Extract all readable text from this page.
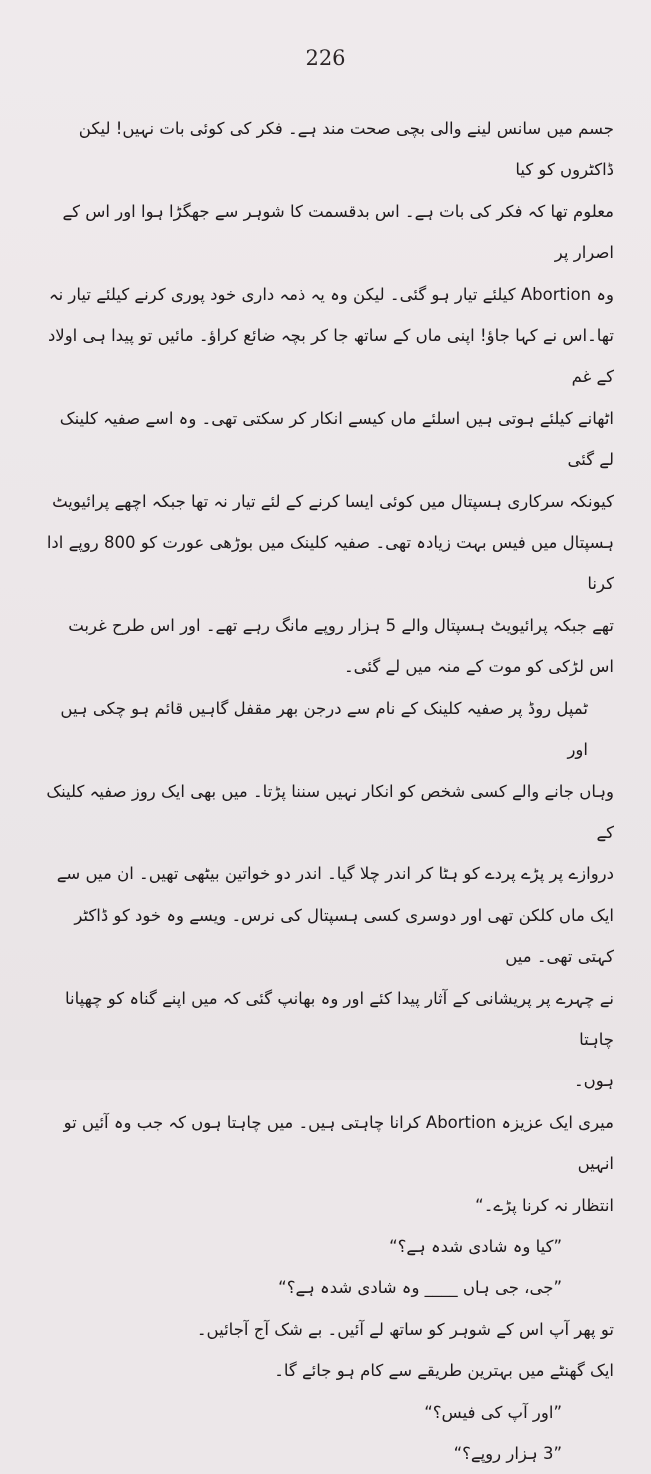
226

جسم میں سانس لینے والی بچی صحت مند ہے۔ فکر کی کوئی بات نہیں! لیکن ڈاکٹروں کو کیا

معلوم تھا کہ فکر کی بات ہے۔ اس بدقسمت کا شوہر سے جھگڑا ہوا اور اس کے اصرار پر

وہ Abortion کیلئے تیار ہو گئی۔ لیکن وہ یہ ذمہ داری خود پوری کرنے کیلئے تیار نہ

تھا۔اس نے کہا جاؤ! اپنی ماں کے ساتھ جا کر بچہ ضائع کراؤ۔ مائیں تو پیدا ہی اولاد کے غم

اٹھانے کیلئے ہوتی ہیں اسلئے ماں کیسے انکار کر سکتی تھی۔ وہ اسے صفیہ کلینک لے گئی

کیونکہ سرکاری ہسپتال میں کوئی ایسا کرنے کے لئے تیار نہ تھا جبکہ اچھے پرائیویٹ

ہسپتال میں فیس بہت زیادہ تھی۔ صفیہ کلینک میں بوڑھی عورت کو 800 روپے ادا کرنا

تھے جبکہ پرائیویٹ ہسپتال والے 5 ہزار روپے مانگ رہے تھے۔ اور اس طرح غربت

اس لڑکی کو موت کے منہ میں لے گئی۔

ٹمپل روڈ پر صفیہ کلینک کے نام سے درجن بھر مقفل گاہیں قائم ہو چکی ہیں اور

وہاں جانے والے کسی شخص کو انکار نہیں سننا پڑتا۔ میں بھی ایک روز صفیہ کلینک کے

دروازے پر پڑے پردے کو ہٹا کر اندر چلا گیا۔ اندر دو خواتین بیٹھی تھیں۔ ان میں سے

ایک ماں کلکن تھی اور دوسری کسی ہسپتال کی نرس۔ ویسے وہ خود کو ڈاکٹر کہتی تھی۔ میں

نے چہرے پر پریشانی کے آثار پیدا کئے اور وہ بھانپ گئی کہ میں اپنے گناہ کو چھپانا چاہتا

ہوں۔

میری ایک عزیزہ Abortion کرانا چاہتی ہیں۔ میں چاہتا ہوں کہ جب وہ آئیں تو انہیں

انتظار نہ کرنا پڑے۔“

”کیا وہ شادی شدہ ہے؟“

”جی، جی ہاں ____ وہ شادی شدہ ہے؟“

تو پھر آپ اس کے شوہر کو ساتھ لے آئیں۔ بے شک آج آجائیں۔

ایک گھنٹے میں بہترین طریقے سے کام ہو جائے گا۔

”اور آپ کی فیس؟“

”3 ہزار روپے؟“
